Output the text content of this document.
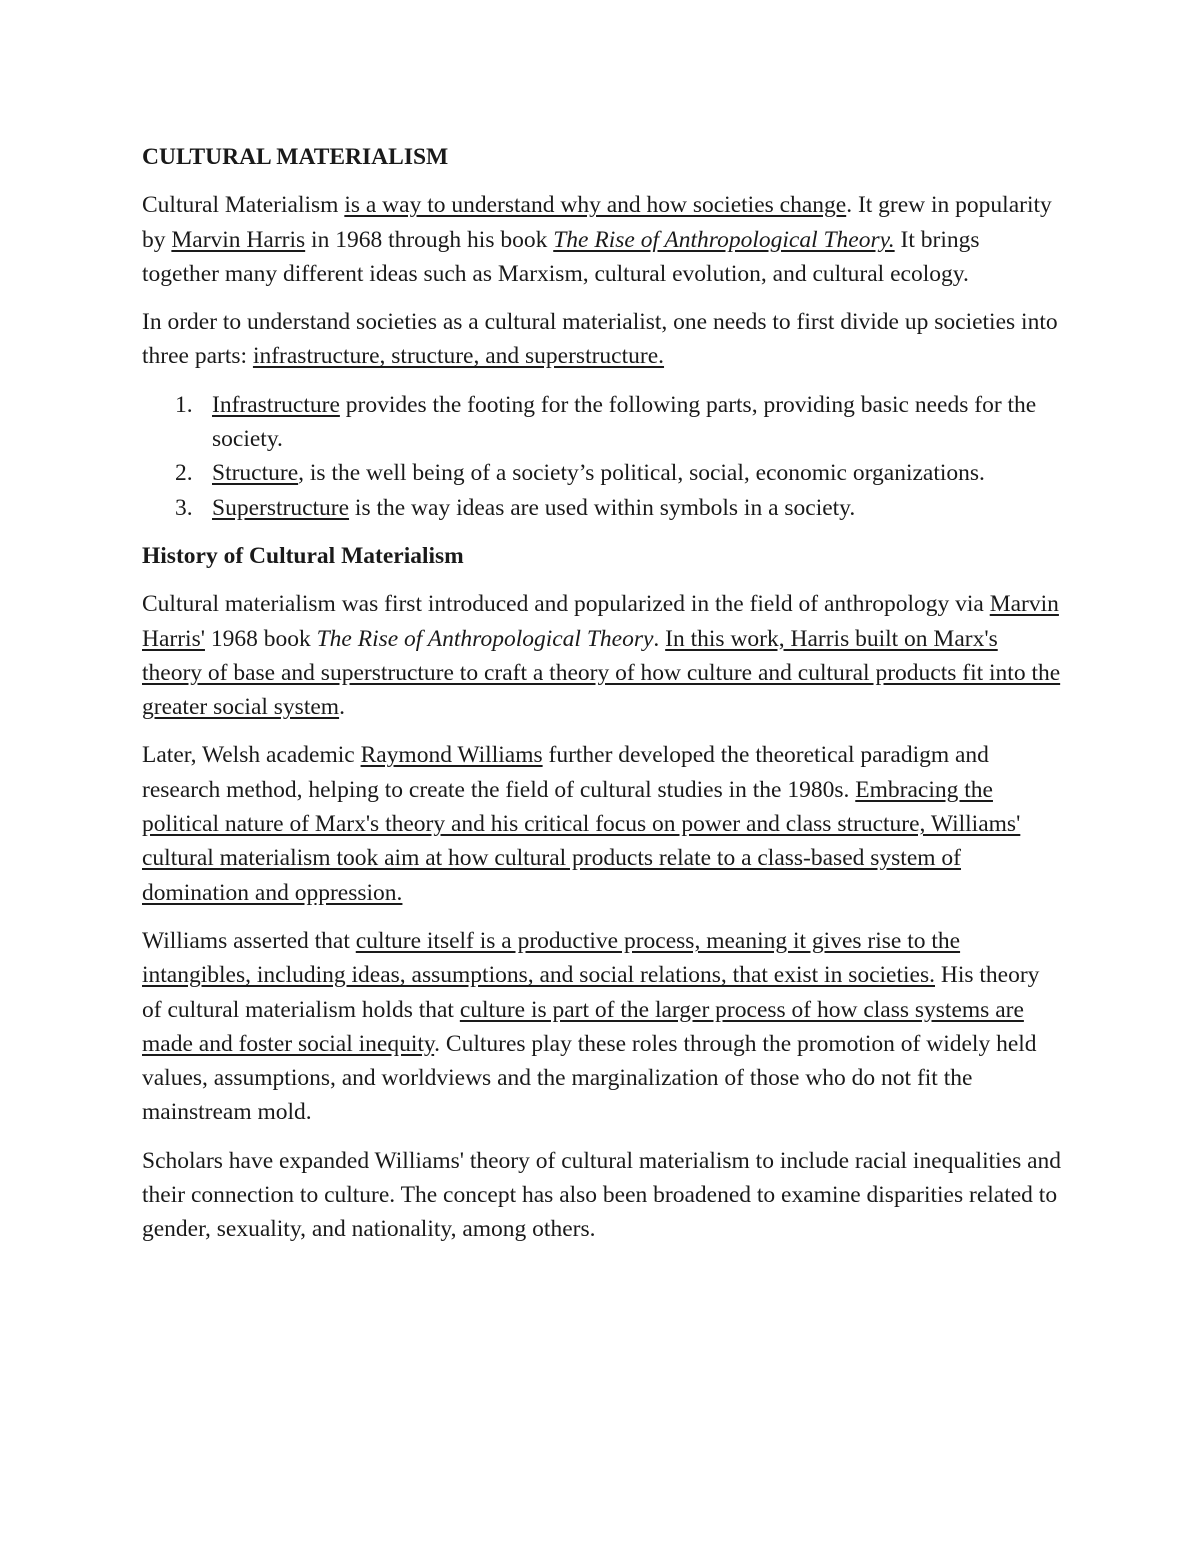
CULTURAL MATERIALISM

Cultural Materialism is a way to understand why and how societies change. It grew in popularity by Marvin Harris in 1968 through his book The Rise of Anthropological Theory. It brings together many different ideas such as Marxism, cultural evolution, and cultural ecology.

In order to understand societies as a cultural materialist, one needs to first divide up societies into three parts: infrastructure, structure, and superstructure.

1. Infrastructure provides the footing for the following parts, providing basic needs for the society.
2. Structure, is the well being of a society’s political, social, economic organizations.
3. Superstructure is the way ideas are used within symbols in a society.
History of Cultural Materialism

Cultural materialism was first introduced and popularized in the field of anthropology via Marvin Harris' 1968 book The Rise of Anthropological Theory. In this work, Harris built on Marx's theory of base and superstructure to craft a theory of how culture and cultural products fit into the greater social system.

Later, Welsh academic Raymond Williams further developed the theoretical paradigm and research method, helping to create the field of cultural studies in the 1980s. Embracing the political nature of Marx's theory and his critical focus on power and class structure, Williams' cultural materialism took aim at how cultural products relate to a class-based system of domination and oppression.

Williams asserted that culture itself is a productive process, meaning it gives rise to the intangibles, including ideas, assumptions, and social relations, that exist in societies. His theory of cultural materialism holds that culture is part of the larger process of how class systems are made and foster social inequity. Cultures play these roles through the promotion of widely held values, assumptions, and worldviews and the marginalization of those who do not fit the mainstream mold.

Scholars have expanded Williams' theory of cultural materialism to include racial inequalities and their connection to culture. The concept has also been broadened to examine disparities related to gender, sexuality, and nationality, among others.
